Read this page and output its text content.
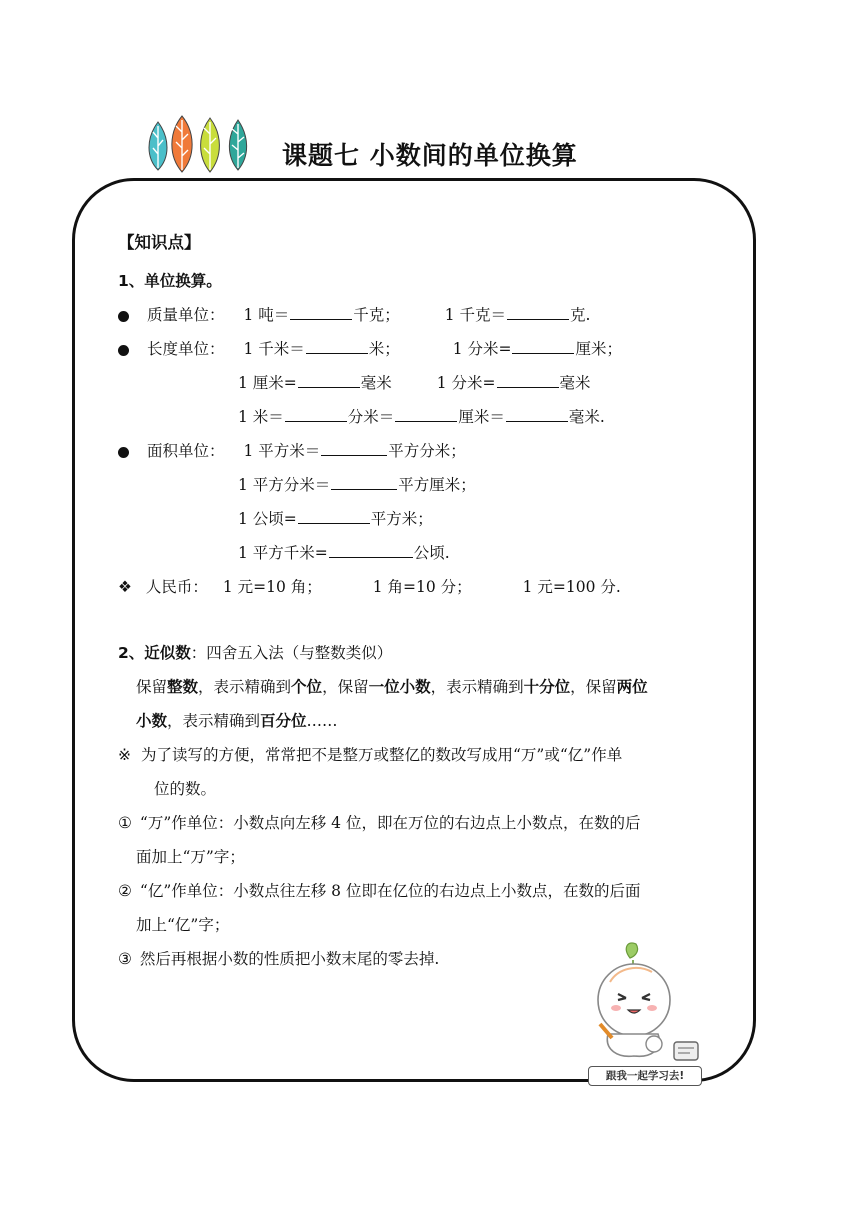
课题七 小数间的单位换算
【知识点】
1、单位换算。
质量单位： 1 吨＝	千克；	1 千克＝	克.
长度单位： 1 千米＝	米；	1 分米=	厘米；
1 厘米=	毫米	1 分米=	毫米
1 米＝	分米＝	厘米＝	毫米.
面积单位： 1 平方米＝	平方分米；
1 平方分米＝	平方厘米；
1 公顷=	平方米；
1 平方千米=	公顷.
❖ 人民币： 1 元=10 角；	1 角=10 分；	1 元=100 分.
2、近似数：四舍五入法（与整数类似）
保留整数，表示精确到个位，保留一位小数，表示精确到十分位，保留两位
小数，表示精确到百分位……
※ 为了读写的方便，常常把不是整万或整亿的数改写成用“万”或“亿”作单
位的数。
① “万”作单位：小数点向左移 4 位，即在万位的右边点上小数点，在数的后
面加上“万”字；
② “亿”作单位：小数点往左移 8 位即在亿位的右边点上小数点，在数的后面
加上“亿”字；
③ 然后再根据小数的性质把小数末尾的零去掉.
跟我一起学习去!
